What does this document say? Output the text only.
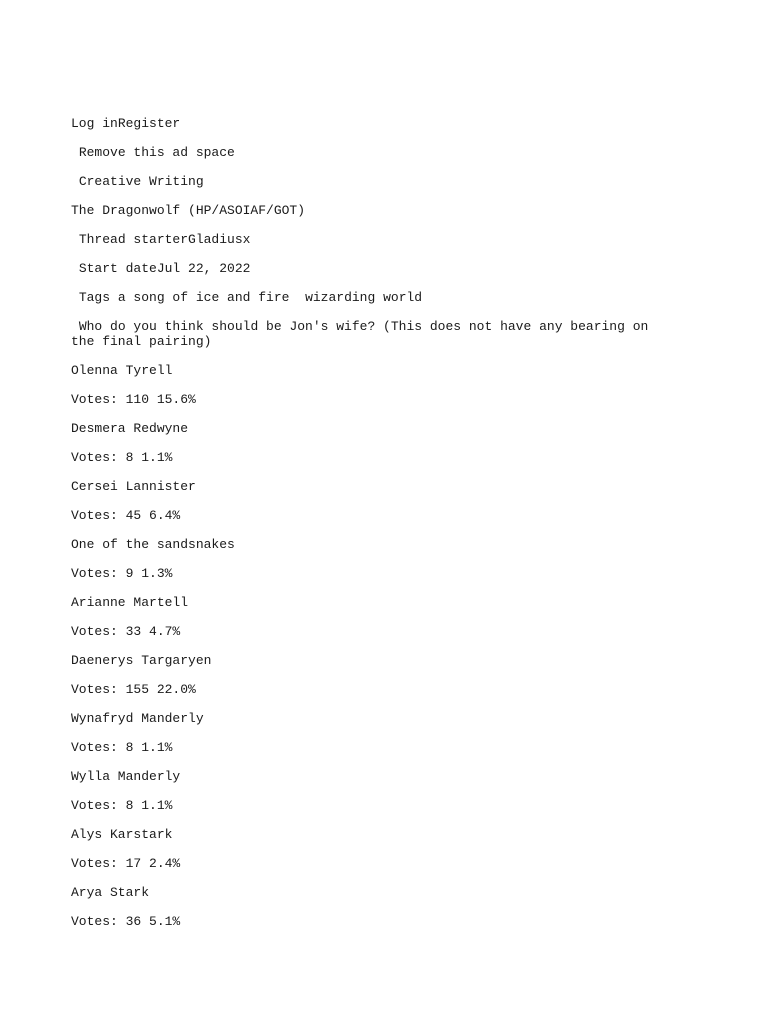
Log inRegister
Remove this ad space
Creative Writing
The Dragonwolf (HP/ASOIAF/GOT)
Thread starterGladiusx
Start dateJul 22, 2022
Tags a song of ice and fire wizarding world
Who do you think should be Jon's wife? (This does not have any bearing on the final pairing)
Olenna Tyrell
Votes: 110 15.6%
Desmera Redwyne
Votes: 8 1.1%
Cersei Lannister
Votes: 45 6.4%
One of the sandsnakes
Votes: 9 1.3%
Arianne Martell
Votes: 33 4.7%
Daenerys Targaryen
Votes: 155 22.0%
Wynafryd Manderly
Votes: 8 1.1%
Wylla Manderly
Votes: 8 1.1%
Alys Karstark
Votes: 17 2.4%
Arya Stark
Votes: 36 5.1%
